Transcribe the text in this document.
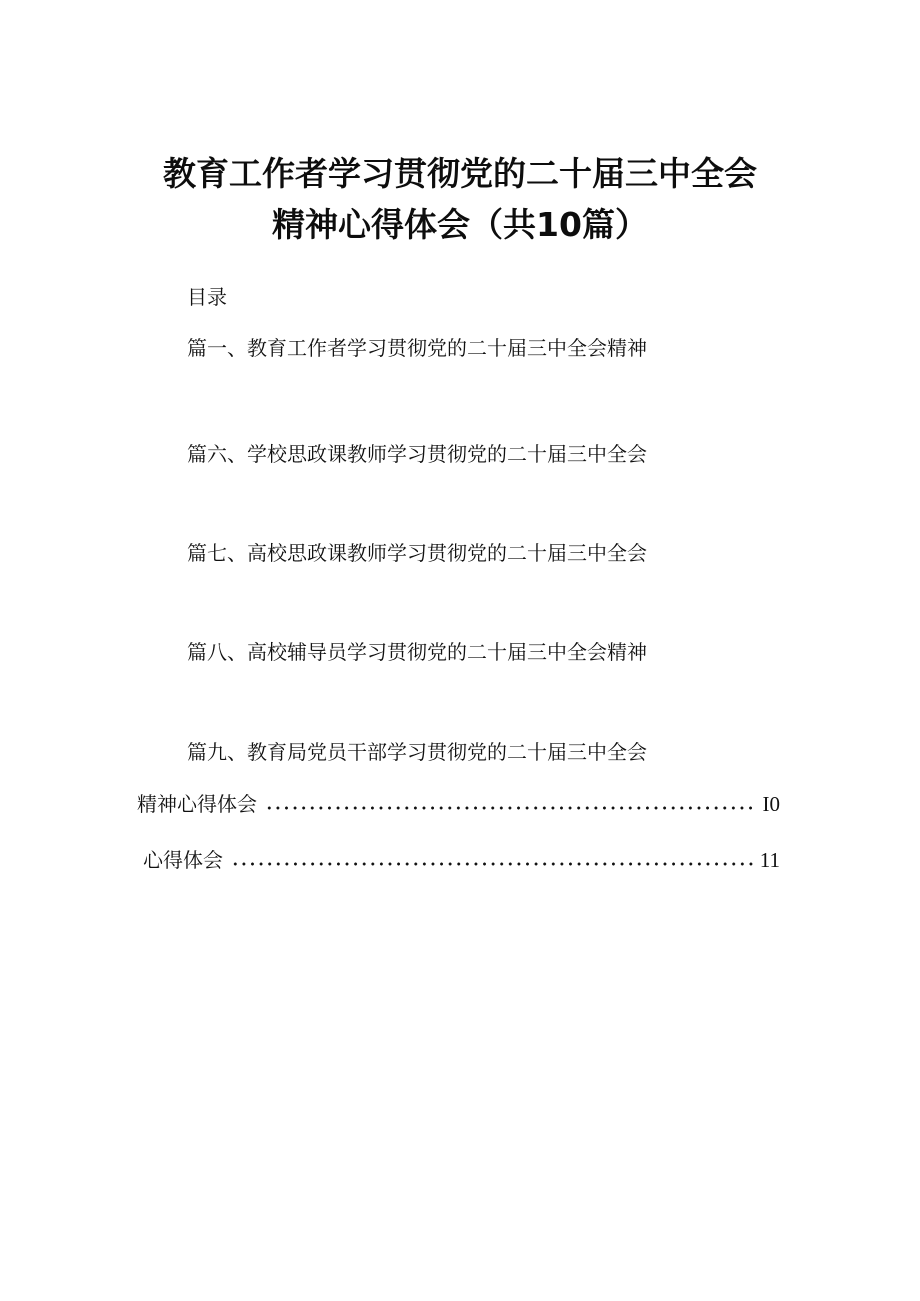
教育工作者学习贯彻党的二十届三中全会
精神心得体会（共10篇）
目录
篇一、教育工作者学习贯彻党的二十届三中全会精神
篇六、学校思政课教师学习贯彻党的二十届三中全会
篇七、高校思政课教师学习贯彻党的二十届三中全会
篇八、高校辅导员学习贯彻党的二十届三中全会精神
篇九、教育局党员干部学习贯彻党的二十届三中全会
精神心得体会	I0
心得体会	11
